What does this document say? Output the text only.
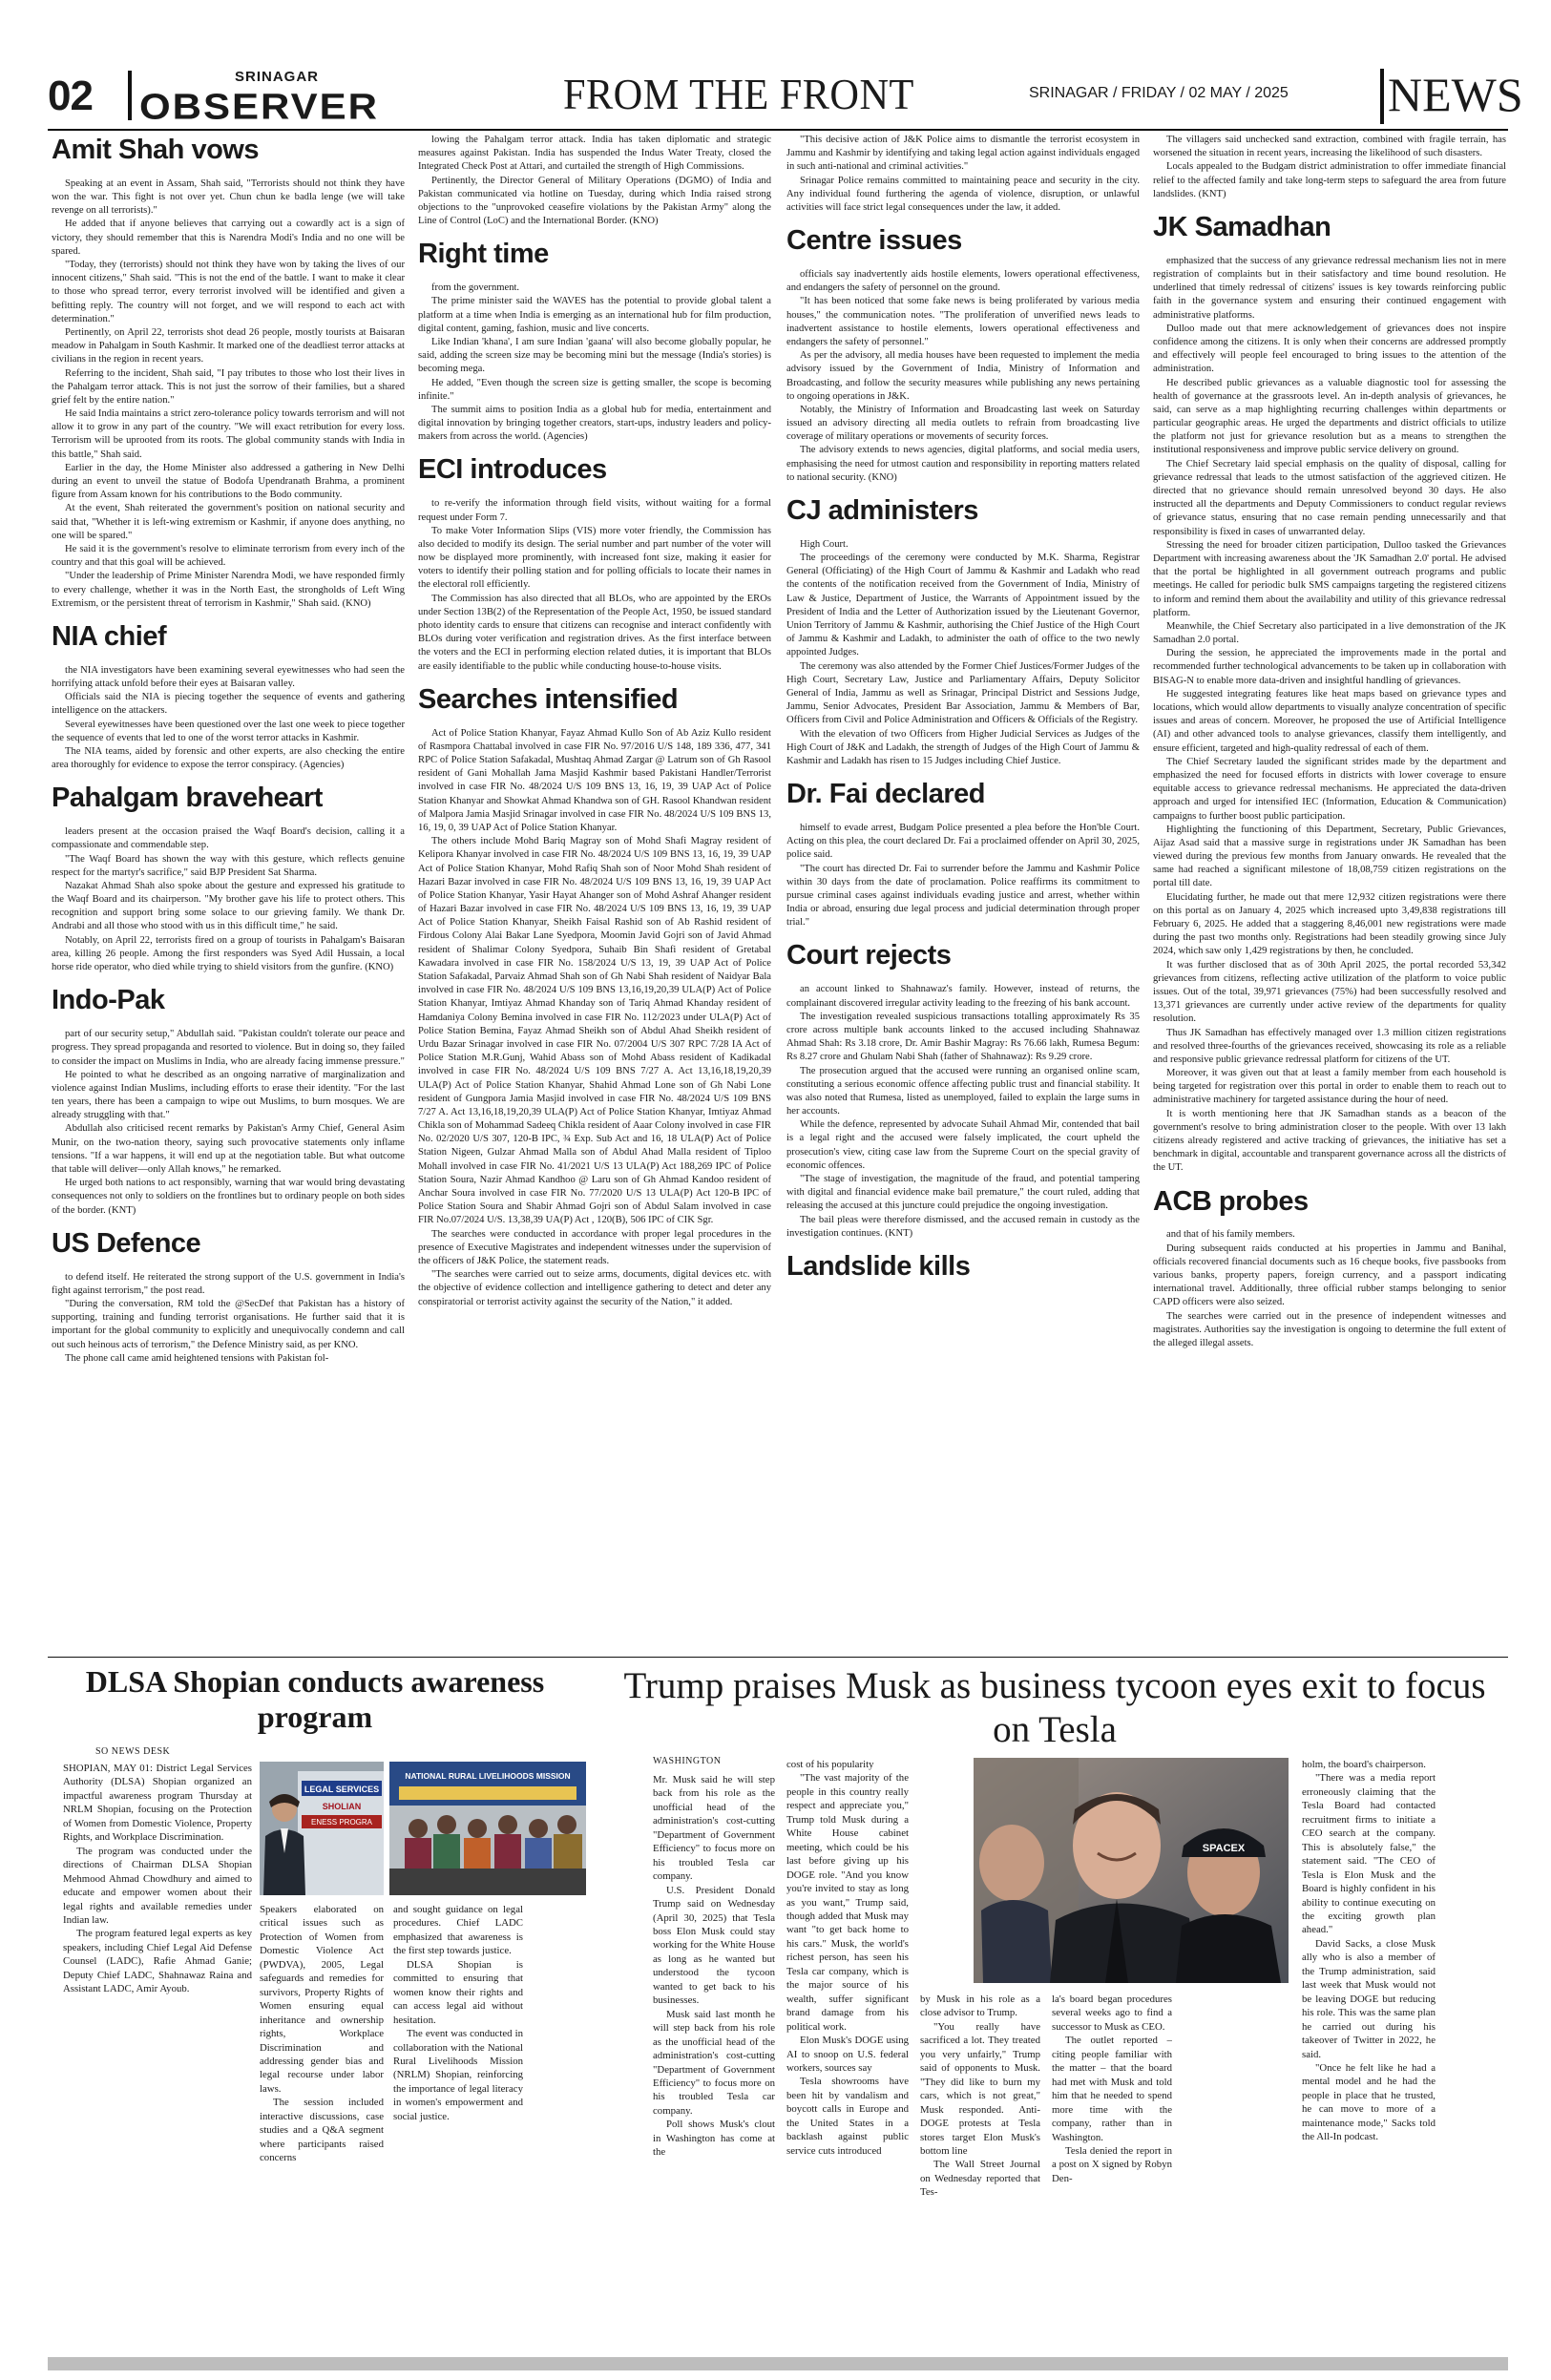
02	SRINAGAR
OBSERVER	FROM THE FRONT	SRINAGAR / FRIDAY / 02 MAY / 2025 NEWS
Amit Shah vows

Speaking at an event in Assam, Shah said, "Terrorists should not think they have won the war. This fight is not over yet. Chun chun ke badla lenge (we will take revenge on all terrorists)."

He added that if anyone believes that carrying out a cowardly act is a sign of victory, they should remember that this is Narendra Modi's India and no one will be spared.

"Today, they (terrorists) should not think they have won by taking the lives of our innocent citizens," Shah said. "This is not the end of the battle. I want to make it clear to those who spread terror, every terrorist involved will be identified and given a befitting reply. The country will not forget, and we will respond to each act with determination."

Pertinently, on April 22, terrorists shot dead 26 people, mostly tourists at Baisaran meadow in Pahalgam in South Kashmir. It marked one of the deadliest terror attacks at civilians in the region in recent years.

Referring to the incident, Shah said, "I pay tributes to those who lost their lives in the Pahalgam terror attack. This is not just the sorrow of their families, but a shared grief felt by the entire nation."

He said India maintains a strict zero-tolerance policy towards terrorism and will not allow it to grow in any part of the country. "We will exact retribution for every loss. Terrorism will be uprooted from its roots. The global community stands with India in this battle," Shah said.

Earlier in the day, the Home Minister also addressed a gathering in New Delhi during an event to unveil the statue of Bodofa Upendranath Brahma, a prominent figure from Assam known for his contributions to the Bodo community.

At the event, Shah reiterated the government's position on national security and said that, "Whether it is left-wing extremism or Kashmir, if anyone does anything, no one will be spared."

He said it is the government's resolve to eliminate terrorism from every inch of the country and that this goal will be achieved.

"Under the leadership of Prime Minister Narendra Modi, we have responded firmly to every challenge, whether it was in the North East, the strongholds of Left Wing Extremism, or the persistent threat of terrorism in Kashmir," Shah said. (KNO)

NIA chief

the NIA investigators have been examining several eyewitnesses who had seen the horrifying attack unfold before their eyes at Baisaran valley.

Officials said the NIA is piecing together the sequence of events and gathering intelligence on the attackers.

Several eyewitnesses have been questioned over the last one week to piece together the sequence of events that led to one of the worst terror attacks in Kashmir.

The NIA teams, aided by forensic and other experts, are also checking the entire area thoroughly for evidence to expose the terror conspiracy. (Agencies)

Pahalgam braveheart

leaders present at the occasion praised the Waqf Board's decision, calling it a compassionate and commendable step.

"The Waqf Board has shown the way with this gesture, which reflects genuine respect for the martyr's sacrifice," said BJP President Sat Sharma.

Nazakat Ahmad Shah also spoke about the gesture and expressed his gratitude to the Waqf Board and its chairperson. "My brother gave his life to protect others. This recognition and support bring some solace to our grieving family. We thank Dr. Andrabi and all those who stood with us in this difficult time," he said.

Notably, on April 22, terrorists fired on a group of tourists in Pahalgam's Baisaran area, killing 26 people. Among the first responders was Syed Adil Hussain, a local horse ride operator, who died while trying to shield visitors from the gunfire. (KNO)

Indo-Pak

part of our security setup," Abdullah said. "Pakistan couldn't tolerate our peace and progress. They spread propaganda and resorted to violence. But in doing so, they failed to consider the impact on Muslims in India, who are already facing immense pressure."

He pointed to what he described as an ongoing narrative of marginalization and violence against Indian Muslims, including efforts to erase their identity. "For the last ten years, there has been a campaign to wipe out Muslims, to burn mosques. We are already struggling with that."

Abdullah also criticised recent remarks by Pakistan's Army Chief, General Asim Munir, on the two-nation theory, saying such provocative statements only inflame tensions. "If a war happens, it will end up at the negotiation table. But what outcome that table will deliver—only Allah knows," he remarked.

He urged both nations to act responsibly, warning that war would bring devastating consequences not only to soldiers on the frontlines but to ordinary people on both sides of the border. (KNT)

US Defence

to defend itself. He reiterated the strong support of the U.S. government in India's fight against terrorism," the post read.

"During the conversation, RM told the @SecDef that Pakistan has a history of supporting, training and funding terrorist organisations. He further said that it is important for the global community to explicitly and unequivocally condemn and call out such heinous acts of terrorism," the Defence Ministry said, as per KNO.

The phone call came amid heightened tensions with Pakistan fol-

lowing the Pahalgam terror attack. India has taken diplomatic and strategic measures against Pakistan. India has suspended the Indus Water Treaty, closed the Integrated Check Post at Attari, and curtailed the strength of High Commissions.

Pertinently, the Director General of Military Operations (DGMO) of India and Pakistan communicated via hotline on Tuesday, during which India raised strong objections to the "unprovoked ceasefire violations by the Pakistan Army" along the Line of Control (LoC) and the International Border. (KNO)

Right time

from the government.

The prime minister said the WAVES has the potential to provide global talent a platform at a time when India is emerging as an international hub for film production, digital content, gaming, fashion, music and live concerts.

Like Indian 'khana', I am sure Indian 'gaana' will also become globally popular, he said, adding the screen size may be becoming mini but the message (India's stories) is becoming mega.

He added, "Even though the screen size is getting smaller, the scope is becoming infinite."

The summit aims to position India as a global hub for media, entertainment and digital innovation by bringing together creators, start-ups, industry leaders and policy-makers from across the world. (Agencies)

ECI introduces

to re-verify the information through field visits, without waiting for a formal request under Form 7.

To make Voter Information Slips (VIS) more voter friendly, the Commission has also decided to modify its design. The serial number and part number of the voter will now be displayed more prominently, with increased font size, making it easier for voters to identify their polling station and for polling officials to locate their names in the electoral roll efficiently.

The Commission has also directed that all BLOs, who are appointed by the EROs under Section 13B(2) of the Representation of the People Act, 1950, be issued standard photo identity cards to ensure that citizens can recognise and interact confidently with BLOs during voter verification and registration drives. As the first interface between the voters and the ECI in performing election related duties, it is important that BLOs are easily identifiable to the public while conducting house-to-house visits.

Searches intensified

Act of Police Station Khanyar, Fayaz Ahmad Kullo Son of Ab Aziz Kullo resident of Rasmpora Chattabal involved in case FIR No. 97/2016 U/S 148, 189 336, 477, 341 RPC of Police Station Safakadal, Mushtaq Ahmad Zargar @ Latrum son of Gh Rasool resident of Gani Mohallah Jama Masjid Kashmir based Pakistani Handler/Terrorist involved in case FIR No. 48/2024 U/S 109 BNS 13, 16, 19, 39 UAP Act of Police Station Khanyar and Showkat Ahmad Khandwa son of GH. Rasool Khandwan resident of Malpora Jamia Masjid Srinagar involved in case FIR No. 48/2024 U/S 109 BNS 13, 16, 19, 0, 39 UAP Act of Police Station Khanyar.

The others include Mohd Bariq Magray son of Mohd Shafi Magray resident of Kelipora Khanyar involved in case FIR No. 48/2024 U/S 109 BNS 13, 16, 19, 39 UAP Act of Police Station Khanyar, Mohd Rafiq Shah son of Noor Mohd Shah resident of Hazari Bazar involved in case FIR No. 48/2024 U/S 109 BNS 13, 16, 19, 39 UAP Act of Police Station Khanyar, Yasir Hayat Ahanger son of Mohd Ashraf Ahanger resident of Hazari Bazar involved in case FIR No. 48/2024 U/S 109 BNS 13, 16, 19, 39 UAP Act of Police Station Khanyar, Sheikh Faisal Rashid son of Ab Rashid resident of Firdous Colony Alai Bakar Lane Syedpora, Moomin Javid Gojri son of Javid Ahmad resident of Shalimar Colony Syedpora, Suhaib Bin Shafi resident of Gretabal Kawadara involved in case FIR No. 158/2024 U/S 13, 19, 39 UAP Act of Police Station Safakadal, Parvaiz Ahmad Shah son of Gh Nabi Shah resident of Naidyar Bala involved in case FIR No. 48/2024 U/S 109 BNS 13,16,19,20,39 ULA(P) Act of Police Station Khanyar, Imtiyaz Ahmad Khanday son of Tariq Ahmad Khanday resident of Hamdaniya Colony Bemina involved in case FIR No. 112/2023 under ULA(P) Act of Police Station Bemina, Fayaz Ahmad Sheikh son of Abdul Ahad Sheikh resident of Urdu Bazar Srinagar involved in case FIR No. 07/2004 U/S 307 RPC 7/28 IA Act of Police Station M.R.Gunj, Wahid Abass son of Mohd Abass resident of Kadikadal involved in case FIR No. 48/2024 U/S 109 BNS 7/27 A. Act 13,16,18,19,20,39 ULA(P) Act of Police Station Khanyar, Shahid Ahmad Lone son of Gh Nabi Lone resident of Gungpora Jamia Masjid involved in case FIR No. 48/2024 U/S 109 BNS 7/27 A. Act 13,16,18,19,20,39 ULA(P) Act of Police Station Khanyar, Imtiyaz Ahmad Chikla son of Mohammad Sadeeq Chikla resident of Aaar Colony involved in case FIR No. 02/2020 U/S 307, 120-B IPC, ¾ Exp. Sub Act and 16, 18 ULA(P) Act of Police Station Nigeen, Gulzar Ahmad Malla son of Abdul Ahad Malla resident of Tiploo Mohall involved in case FIR No. 41/2021 U/S 13 ULA(P) Act 188,269 IPC of Police Station Soura, Nazir Ahmad Kandhoo @ Laru son of Gh Ahmad Kandoo resident of Anchar Soura involved in case FIR No. 77/2020 U/S 13 ULA(P) Act 120-B IPC of Police Station Soura and Shabir Ahmad Gojri son of Abdul Salam involved in case FIR No.07/2024 U/S. 13,38,39 UA(P) Act , 120(B), 506 IPC of CIK Sgr.

The searches were conducted in accordance with proper legal procedures in the presence of Executive Magistrates and independent witnesses under the supervision of the officers of J&K Police, the statement reads.

"The searches were carried out to seize arms, documents, digital devices etc. with the objective of evidence collection and intelligence gathering to detect and deter any conspiratorial or terrorist activity against the security of the Nation," it added.

"This decisive action of J&K Police aims to dismantle the terrorist ecosystem in Jammu and Kashmir by identifying and taking legal action against individuals engaged in such anti-national and criminal activities."

Srinagar Police remains committed to maintaining peace and security in the city. Any individual found furthering the agenda of violence, disruption, or unlawful activities will face strict legal consequences under the law, it added.

Centre issues

officials say inadvertently aids hostile elements, lowers operational effectiveness, and endangers the safety of personnel on the ground.

"It has been noticed that some fake news is being proliferated by various media houses," the communication notes. "The proliferation of unverified news leads to inadvertent assistance to hostile elements, lowers operational effectiveness and endangers the safety of personnel."

As per the advisory, all media houses have been requested to implement the media advisory issued by the Government of India, Ministry of Information and Broadcasting, and follow the security measures while publishing any news pertaining to ongoing operations in J&K.

Notably, the Ministry of Information and Broadcasting last week on Saturday issued an advisory directing all media outlets to refrain from broadcasting live coverage of military operations or movements of security forces.

The advisory extends to news agencies, digital platforms, and social media users, emphasising the need for utmost caution and responsibility in reporting matters related to national security. (KNO)

CJ administers

High Court.

The proceedings of the ceremony were conducted by M.K. Sharma, Registrar General (Officiating) of the High Court of Jammu & Kashmir and Ladakh who read the contents of the notification received from the Government of India, Ministry of Law & Justice, Department of Justice, the Warrants of Appointment issued by the President of India and the Letter of Authorization issued by the Lieutenant Governor, Union Territory of Jammu & Kashmir, authorising the Chief Justice of the High Court of Jammu & Kashmir and Ladakh, to administer the oath of office to the two newly appointed Judges.

The ceremony was also attended by the Former Chief Justices/Former Judges of the High Court, Secretary Law, Justice and Parliamentary Affairs, Deputy Solicitor General of India, Jammu as well as Srinagar, Principal District and Sessions Judge, Jammu, Senior Advocates, President Bar Association, Jammu & Members of Bar, Officers from Civil and Police Administration and Officers & Officials of the Registry.

With the elevation of two Officers from Higher Judicial Services as Judges of the High Court of J&K and Ladakh, the strength of Judges of the High Court of Jammu & Kashmir and Ladakh has risen to 15 Judges including Chief Justice.

Dr. Fai declared

himself to evade arrest, Budgam Police presented a plea before the Hon'ble Court. Acting on this plea, the court declared Dr. Fai a proclaimed offender on April 30, 2025, police said.

"The court has directed Dr. Fai to surrender before the Jammu and Kashmir Police within 30 days from the date of proclamation. Police reaffirms its commitment to pursue criminal cases against individuals evading justice and arrest, whether within India or abroad, ensuring due legal process and judicial determination through proper trial."

Court rejects

an account linked to Shahnawaz's family. However, instead of returns, the complainant discovered irregular activity leading to the freezing of his bank account.

The investigation revealed suspicious transactions totalling approximately Rs 35 crore across multiple bank accounts linked to the accused including Shahnawaz Ahmad Shah: Rs 3.18 crore, Dr. Amir Bashir Magray: Rs 76.66 lakh, Rumesa Begum: Rs 8.27 crore and Ghulam Nabi Shah (father of Shahnawaz): Rs 9.29 crore.

The prosecution argued that the accused were running an organised online scam, constituting a serious economic offence affecting public trust and financial stability. It was also noted that Rumesa, listed as unemployed, failed to explain the large sums in her accounts.

While the defence, represented by advocate Suhail Ahmad Mir, contended that bail is a legal right and the accused were falsely implicated, the court upheld the prosecution's view, citing case law from the Supreme Court on the special gravity of economic offences.

"The stage of investigation, the magnitude of the fraud, and potential tampering with digital and financial evidence make bail premature," the court ruled, adding that releasing the accused at this juncture could prejudice the ongoing investigation.

The bail pleas were therefore dismissed, and the accused remain in custody as the investigation continues. (KNT)

Landslide kills

The villagers said unchecked sand extraction, combined with fragile terrain, has worsened the situation in recent years, increasing the likelihood of such disasters.

Locals appealed to the Budgam district administration to offer immediate financial relief to the affected family and take long-term steps to safeguard the area from future landslides. (KNT)

JK Samadhan

emphasized that the success of any grievance redressal mechanism lies not in mere registration of complaints but in their satisfactory and time bound resolution. He underlined that timely redressal of citizens' issues is key towards reinforcing public faith in the governance system and ensuring their continued engagement with administrative platforms.

Dulloo made out that mere acknowledgement of grievances does not inspire confidence among the citizens. It is only when their concerns are addressed promptly and effectively will people feel encouraged to bring issues to the attention of the administration.

He described public grievances as a valuable diagnostic tool for assessing the health of governance at the grassroots level. An in-depth analysis of grievances, he said, can serve as a map highlighting recurring challenges within departments or particular geographic areas. He urged the departments and district officials to utilize the platform not just for grievance resolution but as a means to strengthen the institutional responsiveness and improve public service delivery on ground.

The Chief Secretary laid special emphasis on the quality of disposal, calling for grievance redressal that leads to the utmost satisfaction of the aggrieved citizen. He directed that no grievance should remain unresolved beyond 30 days. He also instructed all the departments and Deputy Commissioners to conduct regular reviews of grievance status, ensuring that no case remain pending unnecessarily and that responsibility is fixed in cases of unwarranted delay.

Stressing the need for broader citizen participation, Dulloo tasked the Grievances Department with increasing awareness about the 'JK Samadhan 2.0' portal. He advised that the portal be highlighted in all government outreach programs and public meetings. He called for periodic bulk SMS campaigns targeting the registered citizens to inform and remind them about the availability and utility of this grievance redressal platform.

Meanwhile, the Chief Secretary also participated in a live demonstration of the JK Samadhan 2.0 portal.

During the session, he appreciated the improvements made in the portal and recommended further technological advancements to be taken up in collaboration with BISAG-N to enable more data-driven and insightful handling of grievances.

He suggested integrating features like heat maps based on grievance types and locations, which would allow departments to visually analyze concentration of specific issues and areas of concern. Moreover, he proposed the use of Artificial Intelligence (AI) and other advanced tools to analyse grievances, classify them intelligently, and ensure efficient, targeted and high-quality redressal of each of them.

The Chief Secretary lauded the significant strides made by the department and emphasized the need for focused efforts in districts with lower coverage to ensure equitable access to grievance redressal mechanisms. He appreciated the data-driven approach and urged for intensified IEC (Information, Education & Communication) campaigns to further boost public participation.

Highlighting the functioning of this Department, Secretary, Public Grievances, Aijaz Asad said that a massive surge in registrations under JK Samadhan has been viewed during the previous few months from January onwards. He revealed that the same had reached a significant milestone of 18,08,759 citizen registrations on the portal till date.

Elucidating further, he made out that mere 12,932 citizen registrations were there on this portal as on January 4, 2025 which increased upto 3,49,838 registrations till February 6, 2025. He added that a staggering 8,46,001 new registrations were made during the past two months only. Registrations had been steadily growing since July 2024, which saw only 1,429 registrations by then, he concluded.

It was further disclosed that as of 30th April 2025, the portal recorded 53,342 grievances from citizens, reflecting active utilization of the platform to voice public issues. Out of the total, 39,971 grievances (75%) had been successfully resolved and 13,371 grievances are currently under active review of the departments for quality resolution.

Thus JK Samadhan has effectively managed over 1.3 million citizen registrations and resolved three-fourths of the grievances received, showcasing its role as a reliable and responsive public grievance redressal platform for citizens of the UT.

Moreover, it was given out that at least a family member from each household is being targeted for registration over this portal in order to enable them to reach out to administrative machinery for targeted assistance during the hour of need.

It is worth mentioning here that JK Samadhan stands as a beacon of the government's resolve to bring administration closer to the people. With over 13 lakh citizens already registered and active tracking of grievances, the initiative has set a benchmark in digital, accountable and transparent governance across all the districts of the UT.

ACB probes

and that of his family members.

During subsequent raids conducted at his properties in Jammu and Banihal, officials recovered financial documents such as 16 cheque books, five passbooks from various banks, property papers, foreign currency, and a passport indicating international travel. Additionally, three official rubber stamps belonging to senior CAPD officers were also seized.

The searches were carried out in the presence of independent witnesses and magistrates. Authorities say the investigation is ongoing to determine the full extent of the alleged illegal assets.

DLSA Shopian conducts awareness program
SO NEWS DESK
LEGAL SERVICES
SHOLIAN
ENESS PROGRA
NATIONAL RURAL LIVELIHOODS MISSION

SHOPIAN, MAY 01: District Legal Services Authority (DLSA) Shopian organized an impactful awareness program Thursday at NRLM Shopian, focusing on the Protection of Women from Domestic Violence, Property Rights, and Workplace Discrimination.

The program was conducted under the directions of Chairman DLSA Shopian Mehmood Ahmad Chowdhury and aimed to educate and empower women about their legal rights and available remedies under Indian law.

The program featured legal experts as key speakers, including Chief Legal Aid Defense Counsel (LADC), Rafie Ahmad Ganie; Deputy Chief LADC, Shahnawaz Raina and Assistant LADC, Amir Ayoub.

Speakers elaborated on critical issues such as Protection of Women from Domestic Violence Act (PWDVA), 2005, Legal safeguards and remedies for survivors, Property Rights of Women ensuring equal inheritance and ownership rights, Workplace Discrimination and addressing gender bias and legal recourse under labor laws.

The session included interactive discussions, case studies and a Q&A segment where participants raised concerns

and sought guidance on legal procedures. Chief LADC emphasized that awareness is the first step towards justice.

DLSA Shopian is committed to ensuring that women know their rights and can access legal aid without hesitation.

The event was conducted in collaboration with the National Rural Livelihoods Mission (NRLM) Shopian, reinforcing the importance of legal literacy in women's empowerment and social justice.

Trump praises Musk as business tycoon eyes exit to focus on Tesla
WASHINGTON

Mr. Musk said he will step back from his role as the unofficial head of the administration's cost-cutting "Department of Government Efficiency" to focus more on his troubled Tesla car company.

U.S. President Donald Trump said on Wednesday (April 30, 2025) that Tesla boss Elon Musk could stay working for the White House as long as he wanted but understood the tycoon wanted to get back to his businesses.

Musk said last month he will step back from his role as the unofficial head of the administration's cost-cutting "Department of Government Efficiency" to focus more on his troubled Tesla car company.

Poll shows Musk's clout in Washington has come at the

cost of his popularity

"The vast majority of the people in this country really respect and appreciate you," Trump told Musk during a White House cabinet meeting, which could be his last before giving up his DOGE role. "And you know you're invited to stay as long as you want," Trump said, though added that Musk may want "to get back home to his cars." Musk, the world's richest person, has seen his Tesla car company, which is the major source of his wealth, suffer significant brand damage from his political work.

Elon Musk's DOGE using AI to snoop on U.S. federal workers, sources say

Tesla showrooms have been hit by vandalism and boycott calls in Europe and the United States in a backlash against public service cuts introduced

SPACEX

by Musk in his role as a close advisor to Trump.

"You really have sacrificed a lot. They treated you very unfairly," Trump said of opponents to Musk. "They did like to burn my cars, which is not great," Musk responded. Anti-DOGE protests at Tesla stores target Elon Musk's bottom line

The Wall Street Journal on Wednesday reported that Tes-

la's board began procedures several weeks ago to find a successor to Musk as CEO.

The outlet reported – citing people familiar with the matter – that the board had met with Musk and told him that he needed to spend more time with the company, rather than in Washington.

Tesla denied the report in a post on X signed by Robyn Den-

holm, the board's chairperson.

"There was a media report erroneously claiming that the Tesla Board had contacted recruitment firms to initiate a CEO search at the company. This is absolutely false," the statement said. "The CEO of Tesla is Elon Musk and the Board is highly confident in his ability to continue executing on the exciting growth plan ahead."

David Sacks, a close Musk ally who is also a member of the Trump administration, said last week that Musk would not be leaving DOGE but reducing his role. This was the same plan he carried out during his takeover of Twitter in 2022, he said.

"Once he felt like he had a mental model and he had the people in place that he trusted, he can move to more of a maintenance mode," Sacks told the All-In podcast.
